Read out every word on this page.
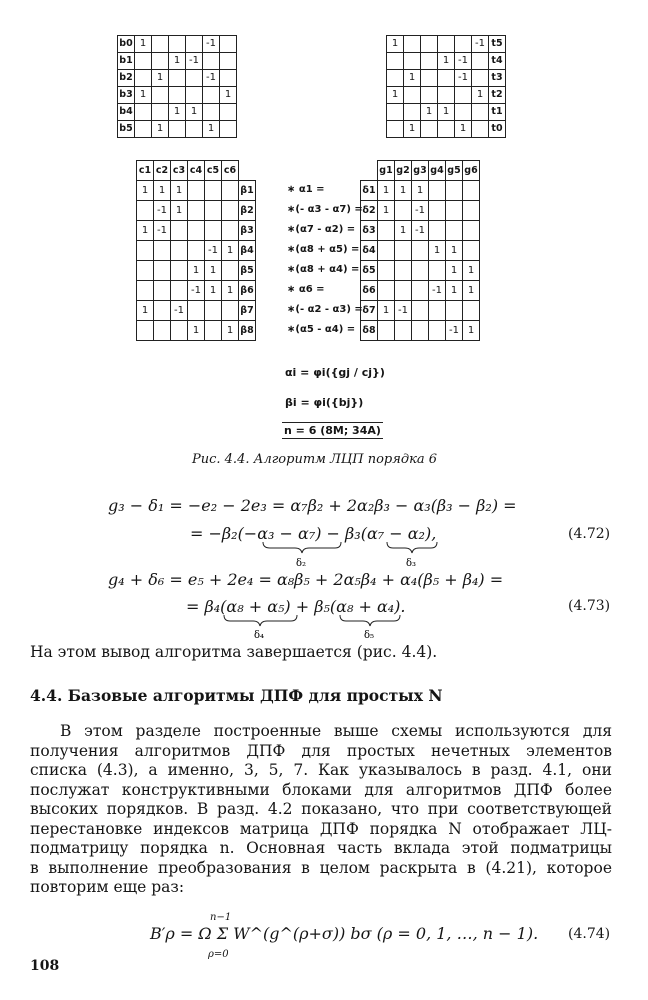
b0	1				-1	
b1			1	-1		
b2		1			-1	
b3	1					1
b4			1	1		
b5		1			1	
1					-1	t5
			1	-1		t4
	1			-1		t3
1					1	t2
		1	1			t1
	1			1		t0
c1	c2	c3	c4	c5	c6	
1	1	1				β1
	-1	1				β2
1	-1					β3
				-1	1	β4
			1	1		β5
			-1	1	1	β6
1		-1				β7
			1		1	β8
	g1	g2	g3	g4	g5	g6
δ1	1	1	1			
δ2	1		-1			
δ3		1	-1			
δ4				1	1	
δ5					1	1
δ6				-1	1	1
δ7	1	-1				
δ8					-1	1
∗ α1 =
∗(- α3 - α7) =
∗(α7 - α2) =
∗(α8 + α5) =
∗(α8 + α4) =
∗ α6 =
∗(- α2 - α3) =
∗(α5 - α4) =
αi = φi({gj / cj})
βi = φi({bj})
n = 6 (8M; 34A)
Рис. 4.4. Алгоритм ЛЦП порядка 6
g₃ − δ₁ = −e₂ − 2e₃ = α₇β₂ + 2α₂β₃ − α₃(β₃ − β₂) =
= −β₂(−α₃ − α₇) − β₃(α₇ − α₂),
δ₂	δ₃
(4.72)
g₄ + δ₆ = e₅ + 2e₄ = α₈β₅ + 2α₅β₄ + α₄(β₅ + β₄) =
= β₄(α₈ + α₅) + β₅(α₈ + α₄).
δ₄	δ₅
(4.73)
На этом вывод алгоритма завершается (рис. 4.4).
4.4. Базовые алгоритмы ДПФ для простых N
В этом разделе построенные выше схемы используются для
получения алгоритмов ДПФ для простых нечетных элементов
списка (4.3), а именно, 3, 5, 7. Как указывалось в разд. 4.1, они
послужат конструктивными блоками для алгоритмов ДПФ более
высоких порядков. В разд. 4.2 показано, что при соответствующей
перестановке индексов матрица ДПФ порядка N отображает ЛЦ-
подматрицу порядка n. Основная часть вклада этой подматрицы
в выполнение преобразования в целом раскрыта в (4.21), которое
повторим еще раз:
n−1
B′ρ = Ω Σ W^(g^(ρ+σ)) bσ (ρ = 0, 1, …, n − 1).
ρ=0
(4.74)
108
